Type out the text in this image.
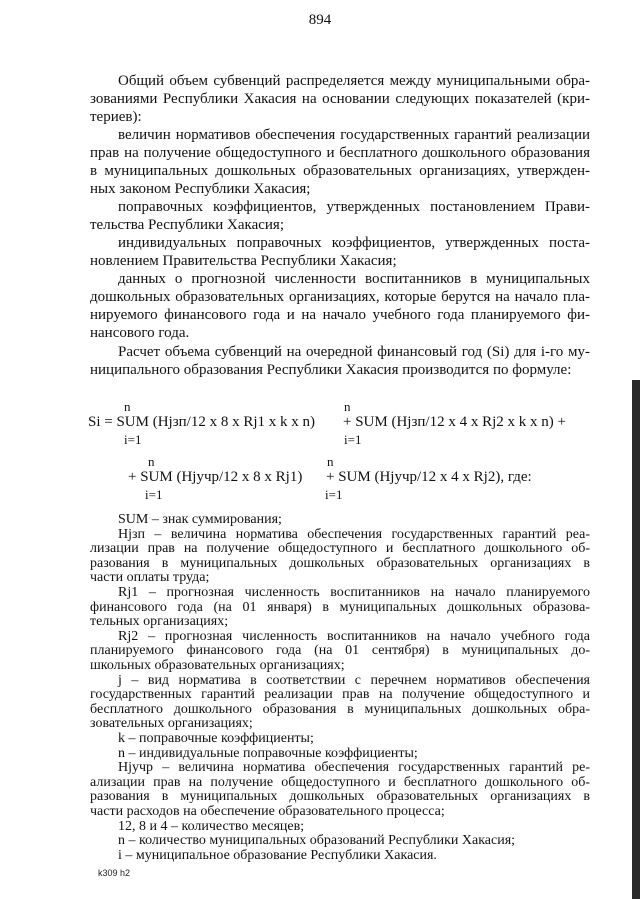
894
Общий объем субвенций распределяется между муниципальными обра-
зованиями Республики Хакасия на основании следующих показателей (кри-
териев):
величин нормативов обеспечения государственных гарантий реализации
прав на получение общедоступного и бесплатного дошкольного образования
в муниципальных дошкольных образовательных организациях, утвержден-
ных законом Республики Хакасия;
поправочных коэффициентов, утвержденных постановлением Прави-
тельства Республики Хакасия;
индивидуальных поправочных коэффициентов, утвержденных поста-
новлением Правительства Республики Хакасия;
данных о прогнозной численности воспитанников в муниципальных
дошкольных образовательных организациях, которые берутся на начало пла-
нируемого финансового года и на начало учебного года планируемого фи-
нансового года.
Расчет объема субвенций на очередной финансовый год (Si) для i-го му-
ниципального образования Республики Хакасия производится по формуле:
n	n
Si = SUM (Hjзп/12 x 8 x Rj1 x k x n) + SUM (Hjзп/12 x 4 x Rj2 x k x n) +
i=1	i=1
n	n
+ SUM (Hjучр/12 x 8 x Rj1) + SUM (Hjучр/12 x 4 x Rj2), где:
i=1	i=1
SUM – знак суммирования;
Hjзп – величина норматива обеспечения государственных гарантий реа-
лизации прав на получение общедоступного и бесплатного дошкольного об-
разования в муниципальных дошкольных образовательных организациях в
части оплаты труда;
Rj1 – прогнозная численность воспитанников на начало планируемого
финансового года (на 01 января) в муниципальных дошкольных образова-
тельных организациях;
Rj2 – прогнозная численность воспитанников на начало учебного года
планируемого финансового года (на 01 сентября) в муниципальных до-
школьных образовательных организациях;
j – вид норматива в соответствии с перечнем нормативов обеспечения
государственных гарантий реализации прав на получение общедоступного и
бесплатного дошкольного образования в муниципальных дошкольных обра-
зовательных организациях;
k – поправочные коэффициенты;
n – индивидуальные поправочные коэффициенты;
Hjучр – величина норматива обеспечения государственных гарантий ре-
ализации прав на получение общедоступного и бесплатного дошкольного об-
разования в муниципальных дошкольных образовательных организациях в
части расходов на обеспечение образовательного процесса;
12, 8 и 4 – количество месяцев;
n – количество муниципальных образований Республики Хакасия;
i – муниципальное образование Республики Хакасия.
k309 h2
